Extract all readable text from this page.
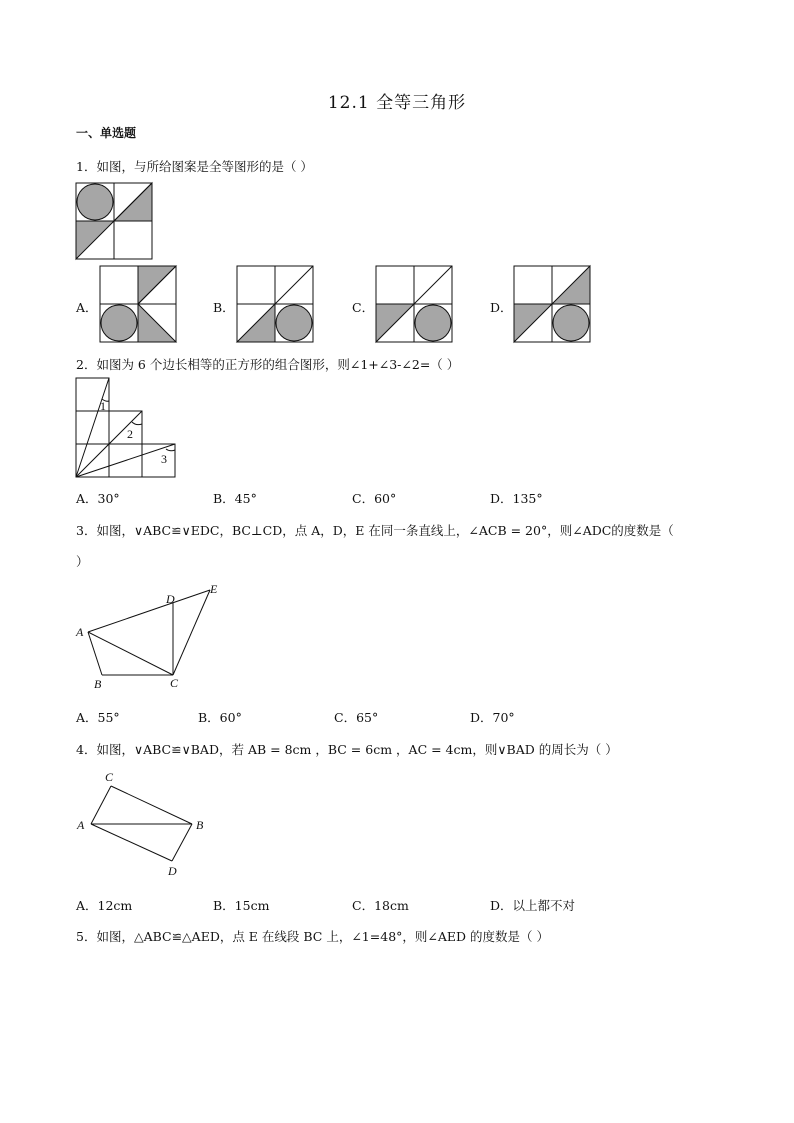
12.1 全等三角形
一、单选题
1．如图，与所给图案是全等图形的是（ ）
A．	B．	C．	D．
2．如图为 6 个边长相等的正方形的组合图形，则∠1+∠3-∠2=（ ）
1
2
3
A．30°	B．45°	C．60°	D．135°
3．如图，∨ABC≌∨EDC，BC⊥CD，点 A，D，E 在同一条直线上，∠ACB = 20°，则∠ADC的度数是（
）
A
B	C
D
E
A．55°	B．60°	C．65°	D．70°
4．如图，∨ABC≌∨BAD，若 AB = 8cm ，BC = 6cm ，AC = 4cm，则∨BAD 的周长为（ ）
A	B
C
D
A．12cm	B．15cm	C．18cm	D．以上都不对
5．如图，△ABC≌△AED，点 E 在线段 BC 上，∠1=48°，则∠AED 的度数是（ ）
